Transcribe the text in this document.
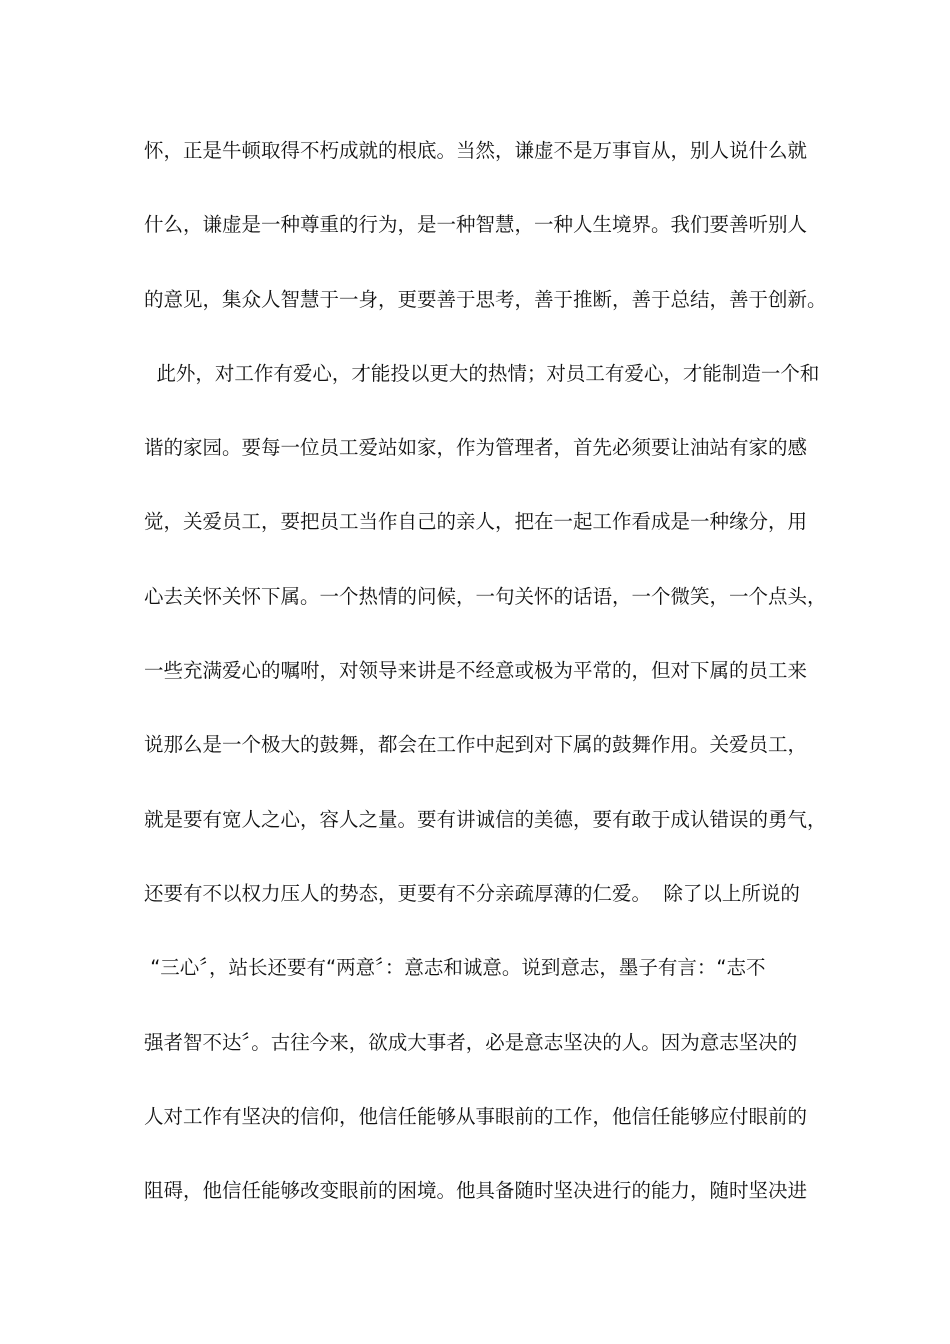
怀，正是牛顿取得不朽成就的根底。当然，谦虚不是万事盲从，别人说什么就
什么，谦虚是一种尊重的行为，是一种智慧，一种人生境界。我们要善听别人
的意见，集众人智慧于一身，更要善于思考，善于推断，善于总结，善于创新。
此外，对工作有爱心，才能投以更大的热情；对员工有爱心，才能制造一个和
谐的家园。要每一位员工爱站如家，作为管理者，首先必须要让油站有家的感
觉，关爱员工，要把员工当作自己的亲人，把在一起工作看成是一种缘分，用
心去关怀关怀下属。一个热情的问候，一句关怀的话语，一个微笑，一个点头，
一些充满爱心的嘱咐，对领导来讲是不经意或极为平常的，但对下属的员工来
说那么是一个极大的鼓舞，都会在工作中起到对下属的鼓舞作用。关爱员工，
就是要有宽人之心，容人之量。要有讲诚信的美德，要有敢于成认错误的勇气，
还要有不以权力压人的势态，更要有不分亲疏厚薄的仁爱。  除了以上所说的
“三心〞，站长还要有“两意〞：意志和诚意。说到意志，墨子有言：“志不
强者智不达〞。古往今来，欲成大事者，必是意志坚决的人。因为意志坚决的
人对工作有坚决的信仰，他信任能够从事眼前的工作，他信任能够应付眼前的
阻碍，他信任能够改变眼前的困境。他具备随时坚决进行的能力，随时坚决进
